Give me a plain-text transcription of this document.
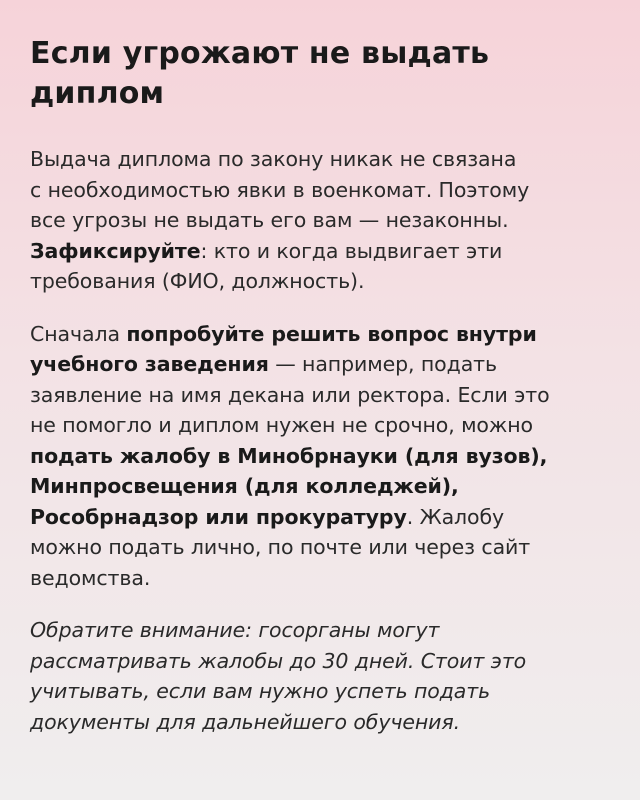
Если угрожают не выдать диплом

Выдача диплома по закону никак не связана
с необходимостью явки в военкомат. Поэтому
все угрозы не выдать его вам — незаконны.
Зафиксируйте: кто и когда выдвигает эти
требования (ФИО, должность).

Сначала попробуйте решить вопрос внутри
учебного заведения — например, подать
заявление на имя декана или ректора. Если это
не помогло и диплом нужен не срочно, можно
подать жалобу в Минобрнауки (для вузов),
Минпросвещения (для колледжей),
Рособрнадзор или прокуратуру. Жалобу
можно подать лично, по почте или через сайт
ведомства.

Обратите внимание: госорганы могут
рассматривать жалобы до 30 дней. Стоит это
учитывать, если вам нужно успеть подать
документы для дальнейшего обучения.
